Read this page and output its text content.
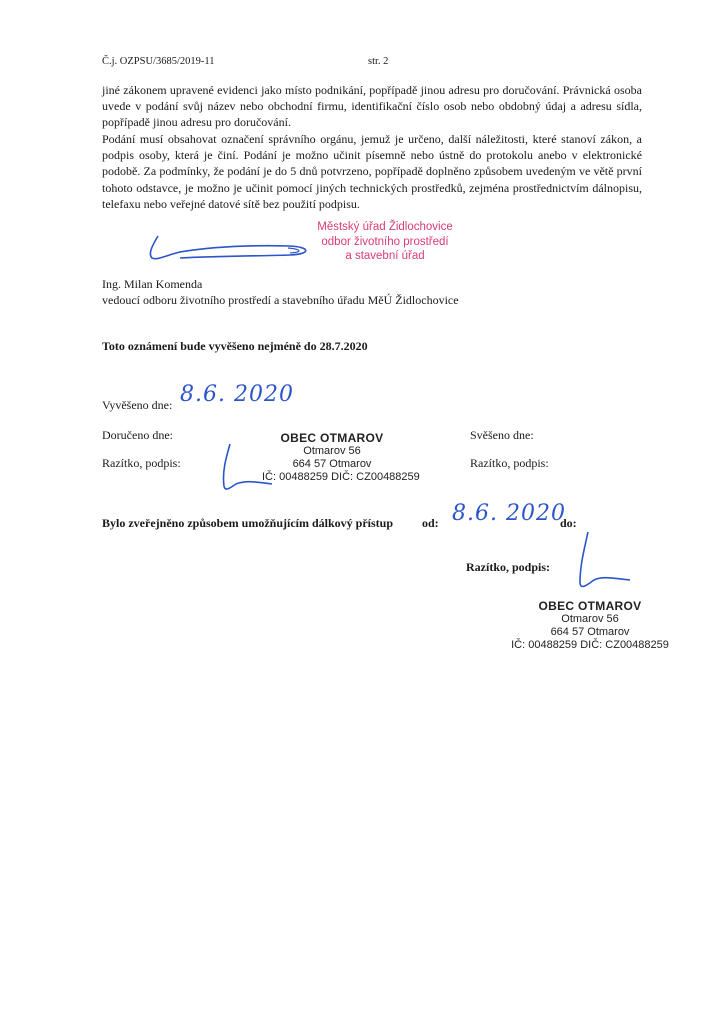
Č.j. OZPSU/3685/2019-11	str. 2

jiné zákonem upravené evidenci jako místo podnikání, popřípadě jinou adresu pro doručování. Právnická osoba uvede v podání svůj název nebo obchodní firmu, identifikační číslo osob nebo obdobný údaj a adresu sídla, popřípadě jinou adresu pro doručování.

Podání musí obsahovat označení správního orgánu, jemuž je určeno, další náležitosti, které stanoví zákon, a podpis osoby, která je činí. Podání je možno učinit písemně nebo ústně do protokolu anebo v elektronické podobě. Za podmínky, že podání je do 5 dnů potvrzeno, popřípadě doplněno způsobem uvedeným ve větě první tohoto odstavce, je možno je učinit pomocí jiných technických prostředků, zejména prostřednictvím dálnopisu, telefaxu nebo veřejné datové sítě bez použití podpisu.

Městský úřad Židlochovice
odbor životního prostředí
a stavební úřad
Ing. Milan Komenda
vedoucí odboru životního prostředí a stavebního úřadu MěÚ Židlochovice
Toto oznámení bude vyvěšeno nejméně do 28.7.2020
Vyvěšeno dne: 8.6. 2020
Doručeno dne:	Svěšeno dne:
Razítko, podpis:	Razítko, podpis:
OBEC OTMAROV
Otmarov 56
664 57 Otmarov
IČ: 00488259 DIČ: CZ00488259
Bylo zveřejněno způsobem umožňujícím dálkový přístup od: 8.6. 2020
do:
Razítko, podpis:
OBEC OTMAROV
Otmarov 56
664 57 Otmarov
IČ: 00488259 DIČ: CZ00488259
